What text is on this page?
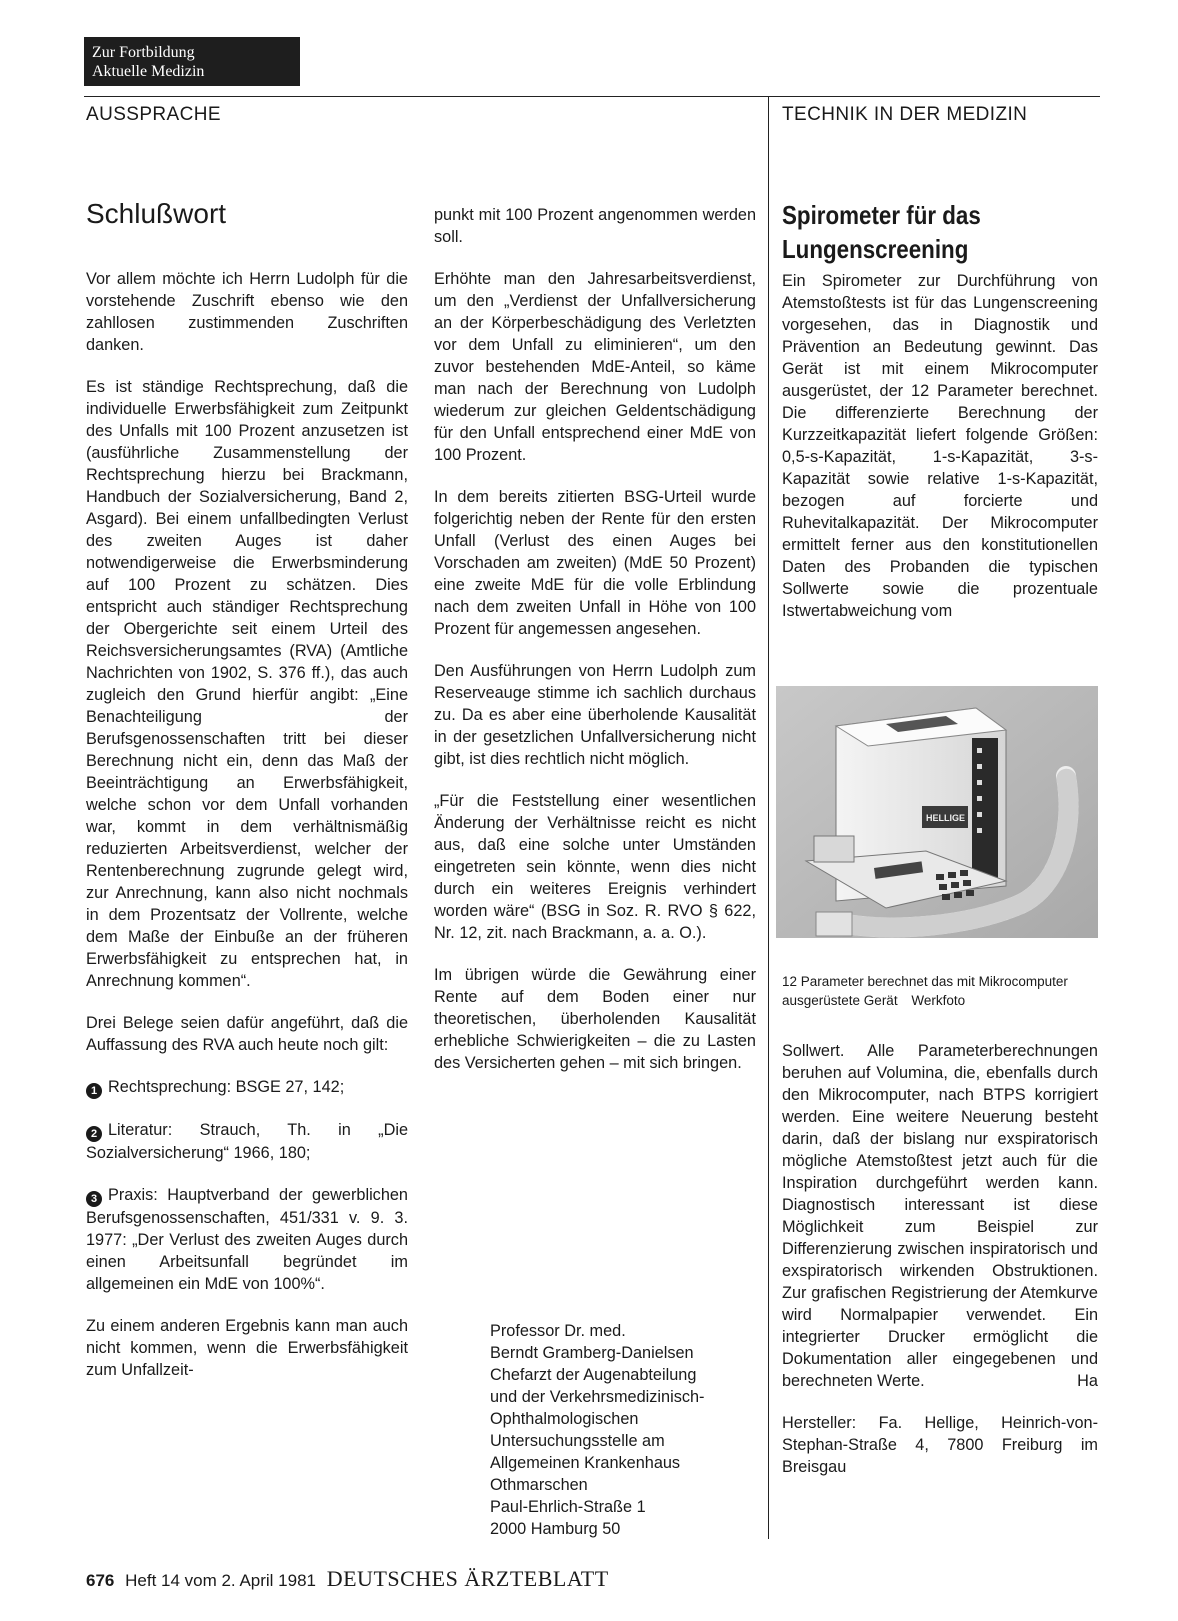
Zur Fortbildung
Aktuelle Medizin
AUSSPRACHE	TECHNIK IN DER MEDIZIN
Schlußwort	Spirometer für das Lungenscreening

Vor allem möchte ich Herrn Ludolph für die vorstehende Zuschrift ebenso wie den zahllosen zustimmenden Zuschriften danken.

Es ist ständige Rechtsprechung, daß die individuelle Erwerbsfähigkeit zum Zeitpunkt des Unfalls mit 100 Prozent anzusetzen ist (ausführliche Zusammenstellung der Rechtsprechung hierzu bei Brackmann, Handbuch der Sozialversicherung, Band 2, Asgard). Bei einem unfallbedingten Verlust des zweiten Auges ist daher notwendigerweise die Erwerbsminderung auf 100 Prozent zu schätzen. Dies entspricht auch ständiger Rechtsprechung der Obergerichte seit einem Urteil des Reichsversicherungsamtes (RVA) (Amtliche Nachrichten von 1902, S. 376 ff.), das auch zugleich den Grund hierfür angibt: „Eine Benachteiligung der Berufsgenossenschaften tritt bei dieser Berechnung nicht ein, denn das Maß der Beeinträchtigung an Erwerbsfähigkeit, welche schon vor dem Unfall vorhanden war, kommt in dem verhältnismäßig reduzierten Arbeitsverdienst, welcher der Rentenberechnung zugrunde gelegt wird, zur Anrechnung, kann also nicht nochmals in dem Prozentsatz der Vollrente, welche dem Maße der Einbuße an der früheren Erwerbsfähigkeit zu entsprechen hat, in Anrechnung kommen“.

Drei Belege seien dafür angeführt, daß die Auffassung des RVA auch heute noch gilt:

1 Rechtsprechung: BSGE 27, 142;

2 Literatur: Strauch, Th. in „Die Sozialversicherung“ 1966, 180;

3 Praxis: Hauptverband der gewerblichen Berufsgenossenschaften, 451/331 v. 9. 3. 1977: „Der Verlust des zweiten Auges durch einen Arbeitsunfall begründet im allgemeinen ein MdE von 100%“.

Zu einem anderen Ergebnis kann man auch nicht kommen, wenn die Erwerbsfähigkeit zum Unfallzeit-

punkt mit 100 Prozent angenommen werden soll.

Erhöhte man den Jahresarbeitsverdienst, um den „Verdienst der Unfallversicherung an der Körperbeschädigung des Verletzten vor dem Unfall zu eliminieren“, um den zuvor bestehenden MdE-Anteil, so käme man nach der Berechnung von Ludolph wiederum zur gleichen Geldentschädigung für den Unfall entsprechend einer MdE von 100 Prozent.

In dem bereits zitierten BSG-Urteil wurde folgerichtig neben der Rente für den ersten Unfall (Verlust des einen Auges bei Vorschaden am zweiten) (MdE 50 Prozent) eine zweite MdE für die volle Erblindung nach dem zweiten Unfall in Höhe von 100 Prozent für angemessen angesehen.

Den Ausführungen von Herrn Ludolph zum Reserveauge stimme ich sachlich durchaus zu. Da es aber eine überholende Kausalität in der gesetzlichen Unfallversicherung nicht gibt, ist dies rechtlich nicht möglich.

„Für die Feststellung einer wesentlichen Änderung der Verhältnisse reicht es nicht aus, daß eine solche unter Umständen eingetreten sein könnte, wenn dies nicht durch ein weiteres Ereignis verhindert worden wäre“ (BSG in Soz. R. RVO § 622, Nr. 12, zit. nach Brackmann, a. a. O.).

Im übrigen würde die Gewährung einer Rente auf dem Boden einer nur theoretischen, überholenden Kausalität erhebliche Schwierigkeiten – die zu Lasten des Versicherten gehen – mit sich bringen.

Professor Dr. med.
Berndt Gramberg-Danielsen
Chefarzt der Augenabteilung
und der Verkehrsmedizinisch-
Ophthalmologischen
Untersuchungsstelle am
Allgemeinen Krankenhaus
Othmarschen
Paul-Ehrlich-Straße 1
2000 Hamburg 50

Ein Spirometer zur Durchführung von Atemstoßtests ist für das Lungenscreening vorgesehen, das in Diagnostik und Prävention an Bedeutung gewinnt. Das Gerät ist mit einem Mikrocomputer ausgerüstet, der 12 Parameter berechnet. Die differenzierte Berechnung der Kurzzeitkapazität liefert folgende Größen: 0,5-s-Kapazität, 1-s-Kapazität, 3-s-Kapazität sowie relative 1-s-Kapazität, bezogen auf forcierte und Ruhevitalkapazität. Der Mikrocomputer ermittelt ferner aus den konstitutionellen Daten des Probanden die typischen Sollwerte sowie die prozentuale Istwertabweichung vom

HELLIGE
12 Parameter berechnet das mit Mikrocomputer ausgerüstete Gerät Werkfoto

Sollwert. Alle Parameterberechnungen beruhen auf Volumina, die, ebenfalls durch den Mikrocomputer, nach BTPS korrigiert werden. Eine weitere Neuerung besteht darin, daß der bislang nur exspiratorisch mögliche Atemstoßtest jetzt auch für die Inspiration durchgeführt werden kann. Diagnostisch interessant ist diese Möglichkeit zum Beispiel zur Differenzierung zwischen inspiratorisch und exspiratorisch wirkenden Obstruktionen. Zur grafischen Registrierung der Atemkurve wird Normalpapier verwendet. Ein integrierter Drucker ermöglicht die Dokumentation aller eingegebenen und berechneten Werte.	Ha

Hersteller: Fa. Hellige, Heinrich-von-Stephan-Straße 4, 7800 Freiburg im Breisgau

676 Heft 14 vom 2. April 1981 DEUTSCHES ÄRZTEBLATT
